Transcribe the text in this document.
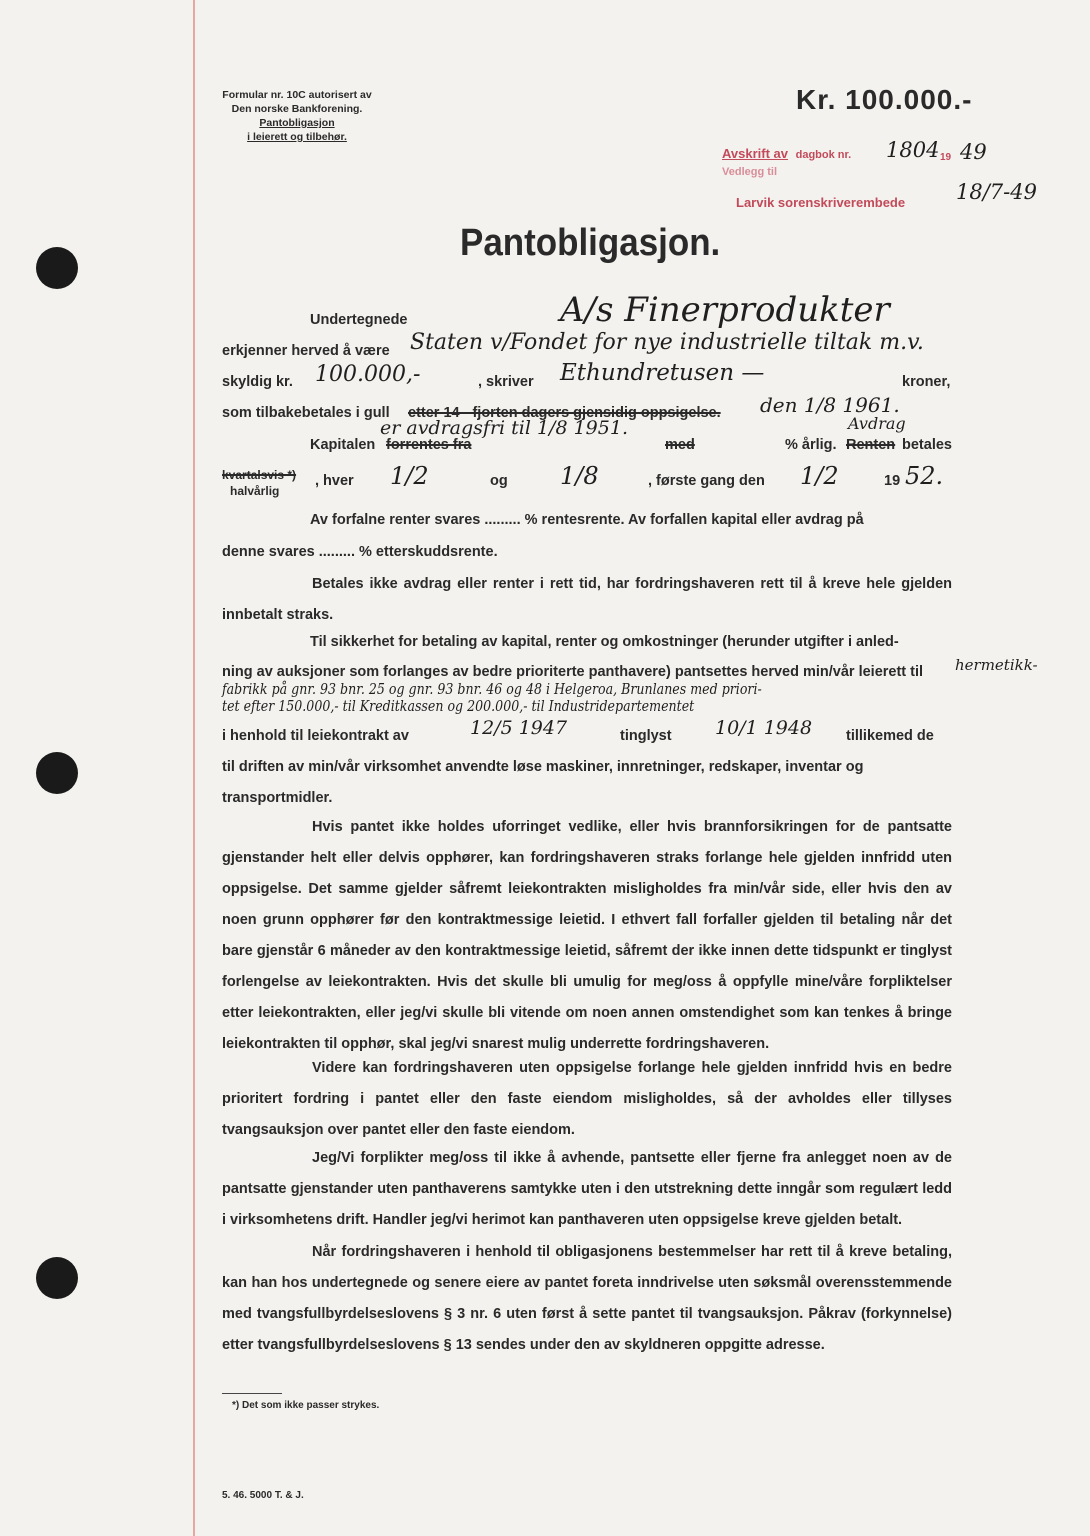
Formular nr. 10C autorisert av
Den norske Bankforening.
Pantobligasjon
i leierett og tilbehør.
Kr. 100.000.-
Avskrift av dagbok nr. 1804 19 49
Vedlegg til
Larvik sorenskriverembede 18/7-49
Pantobligasjon.
Undertegnede	A/s Finerprodukter
erkjenner herved å være Staten v/Fondet for nye industrielle tiltak m.v.
skyldig kr. 100.000,-	, skriver Ethundretusen —	kroner,
som tilbakebetales i gull etter 14 - fjorten dagers gjensidig oppsigelse. den 1/8 1961.
Kapitalen forrentes fra
er avdragsfri til 1/8 1951.
med	% årlig.
Avdrag
Renten betales
kvartalsvis *)
halvårlig
, hver 1/2	og 1/8	, første gang den 1/2	19 52.
Av forfalne renter svares ......... % rentesrente. Av forfallen kapital eller avdrag på
denne svares ......... % etterskuddsrente.
Betales ikke avdrag eller renter i rett tid, har fordringshaveren rett til å kreve hele gjelden innbetalt straks.
Til sikkerhet for betaling av kapital, renter og omkostninger (herunder utgifter i anled-
ning av auksjoner som forlanges av bedre prioriterte panthavere) pantsettes herved min/vår leierett til hermetikk-
fabrikk på gnr. 93 bnr. 25 og gnr. 93 bnr. 46 og 48 i Helgeroa, Brunlanes med priori-
tet efter 150.000,- til Kreditkassen og 200.000,- til Industridepartementet
i henhold til leiekontrakt av	12/5 1947	tinglyst 10/1 1948 tillikemed de
til driften av min/vår virksomhet anvendte løse maskiner, innretninger, redskaper, inventar og
transportmidler.
Hvis pantet ikke holdes uforringet vedlike, eller hvis brannforsikringen for de pantsatte gjenstander helt eller delvis opphører, kan fordringshaveren straks forlange hele gjelden innfridd uten oppsigelse. Det samme gjelder såfremt leiekontrakten misligholdes fra min/vår side, eller hvis den av noen grunn opphører før den kontraktmessige leietid. I ethvert fall forfaller gjelden til betaling når det bare gjenstår 6 måneder av den kontraktmessige leietid, såfremt der ikke innen dette tidspunkt er tinglyst forlengelse av leiekontrakten. Hvis det skulle bli umulig for meg/oss å oppfylle mine/våre forpliktelser etter leiekontrakten, eller jeg/vi skulle bli vitende om noen annen omstendighet som kan tenkes å bringe leiekontrakten til opphør, skal jeg/vi snarest mulig underrette fordringshaveren.
Videre kan fordringshaveren uten oppsigelse forlange hele gjelden innfridd hvis en bedre prioritert fordring i pantet eller den faste eiendom misligholdes, så der avholdes eller tillyses tvangsauksjon over pantet eller den faste eiendom.
Jeg/Vi forplikter meg/oss til ikke å avhende, pantsette eller fjerne fra anlegget noen av de pantsatte gjenstander uten panthaverens samtykke uten i den utstrekning dette inngår som regulært ledd i virksomhetens drift. Handler jeg/vi herimot kan panthaveren uten oppsigelse kreve gjelden betalt.
Når fordringshaveren i henhold til obligasjonens bestemmelser har rett til å kreve betaling, kan han hos undertegnede og senere eiere av pantet foreta inndrivelse uten søksmål overensstemmende med tvangsfullbyrdelseslovens § 3 nr. 6 uten først å sette pantet til tvangsauksjon. Påkrav (forkynnelse) etter tvangsfullbyrdelseslovens § 13 sendes under den av skyldneren oppgitte adresse.
*) Det som ikke passer strykes.
5. 46. 5000 T. & J.
